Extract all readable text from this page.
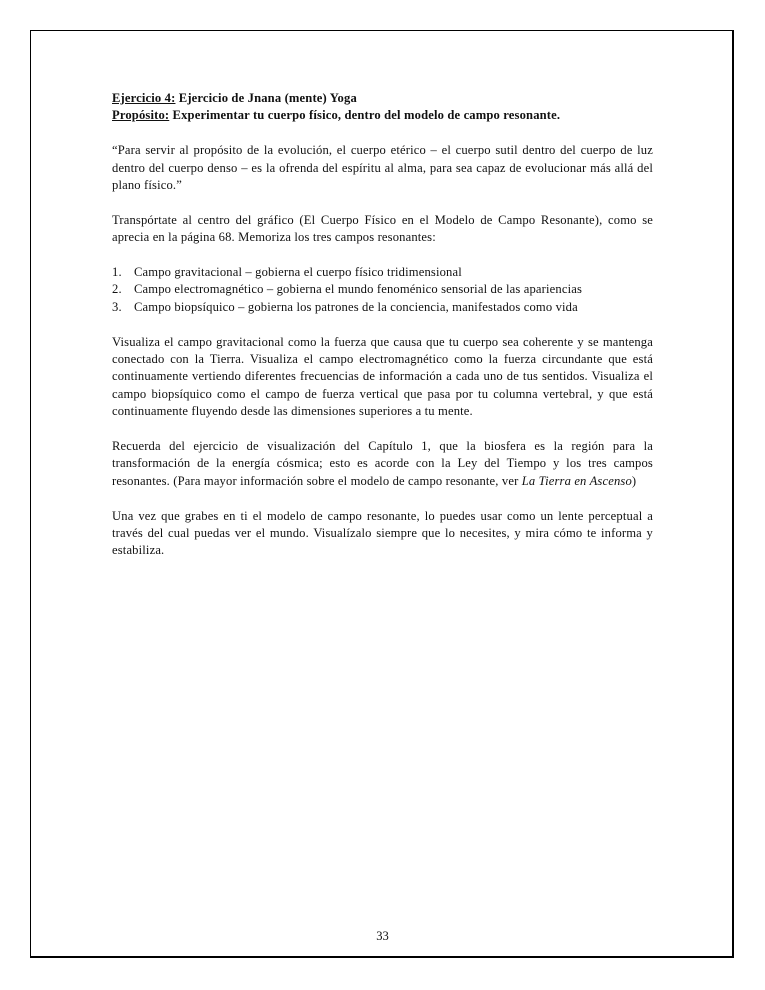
Ejercicio 4: Ejercicio de Jnana (mente) Yoga
Propósito: Experimentar tu cuerpo físico, dentro del modelo de campo resonante.

“Para servir al propósito de la evolución, el cuerpo etérico – el cuerpo sutil dentro del cuerpo de luz dentro del cuerpo denso – es la ofrenda del espíritu al alma, para sea capaz de evolucionar más allá del plano físico.”

Transpórtate al centro del gráfico (El Cuerpo Físico en el Modelo de Campo Resonante), como se aprecia en la página 68. Memoriza los tres campos resonantes:

1. Campo gravitacional – gobierna el cuerpo físico tridimensional
2. Campo electromagnético – gobierna el mundo fenoménico sensorial de las apariencias
3. Campo biopsíquico – gobierna los patrones de la conciencia, manifestados como vida

Visualiza el campo gravitacional como la fuerza que causa que tu cuerpo sea coherente y se mantenga conectado con la Tierra. Visualiza el campo electromagnético como la fuerza circundante que está continuamente vertiendo diferentes frecuencias de información a cada uno de tus sentidos. Visualiza el campo biopsíquico como el campo de fuerza vertical que pasa por tu columna vertebral, y que está continuamente fluyendo desde las dimensiones superiores a tu mente.

Recuerda del ejercicio de visualización del Capítulo 1, que la biosfera es la región para la transformación de la energía cósmica; esto es acorde con la Ley del Tiempo y los tres campos resonantes. (Para mayor información sobre el modelo de campo resonante, ver La Tierra en Ascenso)

Una vez que grabes en ti el modelo de campo resonante, lo puedes usar como un lente perceptual a través del cual puedas ver el mundo. Visualízalo siempre que lo necesites, y mira cómo te informa y estabiliza.

33
